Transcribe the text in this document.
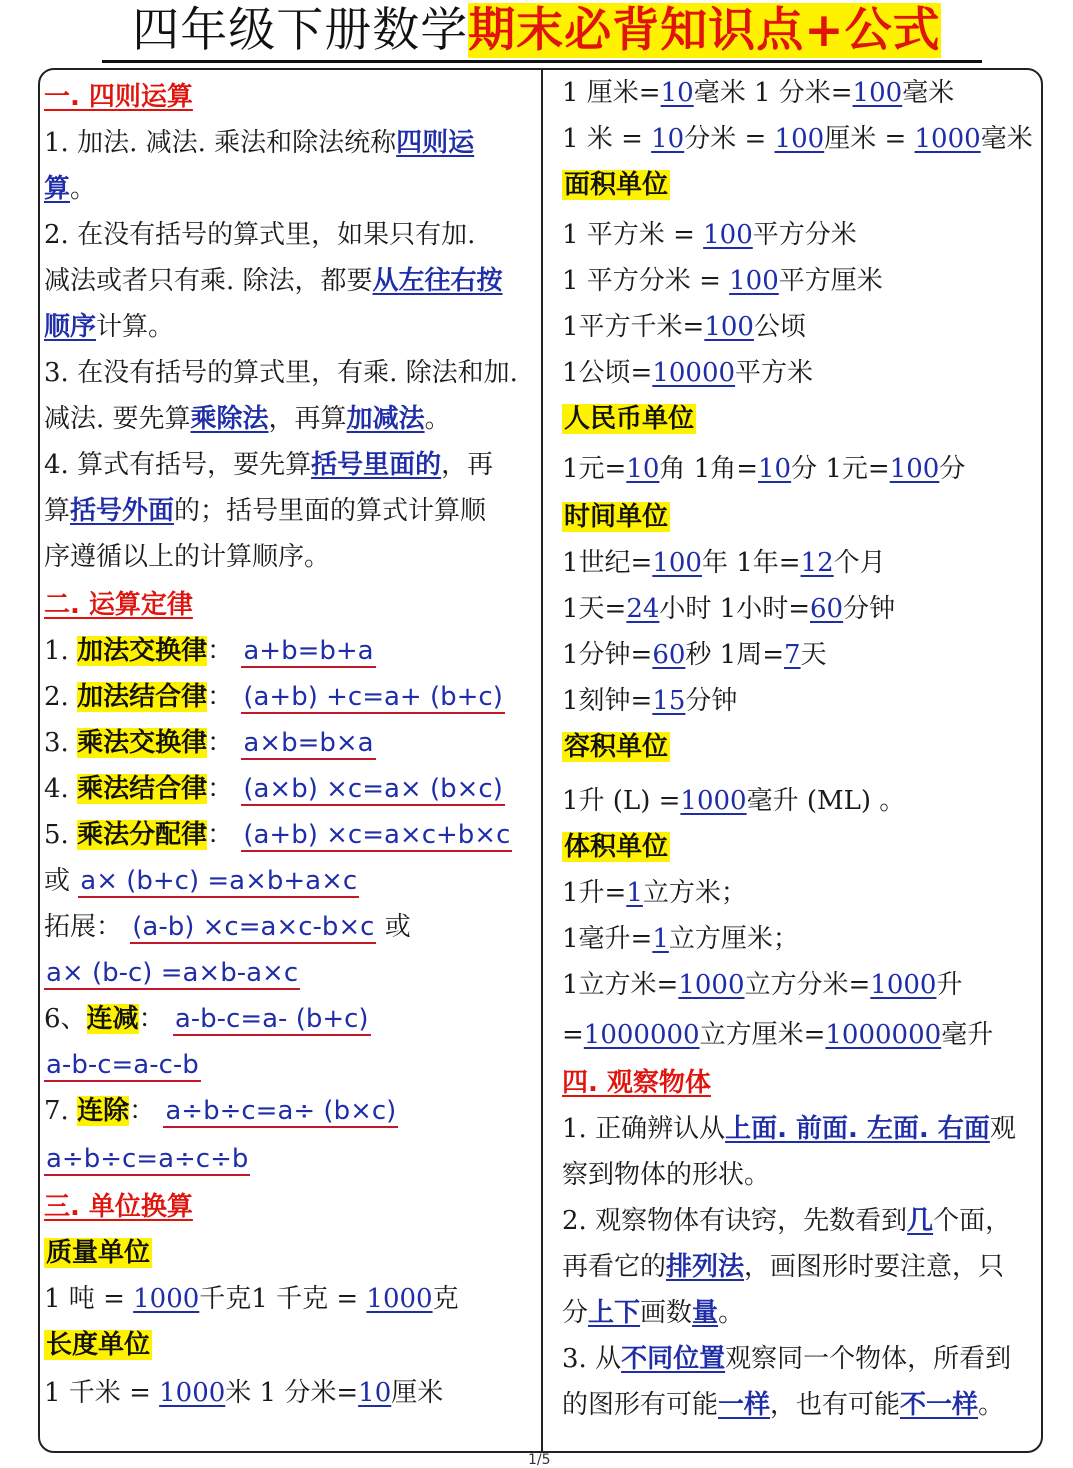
四年级下册数学期末必背知识点+公式
一. 四则运算
1. 加法. 减法. 乘法和除法统称四则运
算。
2. 在没有括号的算式里，如果只有加.
减法或者只有乘. 除法，都要从左往右按
顺序计算。
3. 在没有括号的算式里，有乘. 除法和加.
减法. 要先算乘除法，再算加减法。
4. 算式有括号，要先算括号里面的，再
算括号外面的；括号里面的算式计算顺
序遵循以上的计算顺序。
二. 运算定律
1. 加法交换律： a+b=b+a
2. 加法结合律： (a+b) +c=a+ (b+c)
3. 乘法交换律： a×b=b×a
4. 乘法结合律： (a×b) ×c=a× (b×c)
5. 乘法分配律： (a+b) ×c=a×c+b×c
或 a× (b+c) =a×b+a×c
拓展： (a-b) ×c=a×c-b×c 或
a× (b-c) =a×b-a×c
6、连减： a-b-c=a- (b+c)
a-b-c=a-c-b
7. 连除： a÷b÷c=a÷ (b×c)
a÷b÷c=a÷c÷b
三. 单位换算
质量单位
1 吨 = 1000千克1 千克 = 1000克
长度单位
1 千米 = 1000米 1 分米=10厘米
1 厘米=10毫米 1 分米=100毫米
1 米 = 10分米 = 100厘米 = 1000毫米
面积单位
1 平方米 = 100平方分米
1 平方分米 = 100平方厘米
1平方千米=100公顷
1公顷=10000平方米
人民币单位
1元=10角 1角=10分 1元=100分
时间单位
1世纪=100年 1年=12个月
1天=24小时 1小时=60分钟
1分钟=60秒 1周=7天
1刻钟=15分钟
容积单位
1升 (L) =1000毫升 (ML) 。
体积单位
1升=1立方米；
1毫升=1立方厘米；
1立方米=1000立方分米=1000升
=1000000立方厘米=1000000毫升
四. 观察物体
1. 正确辨认从上面. 前面. 左面. 右面观
察到物体的形状。
2. 观察物体有诀窍，先数看到几个面，
再看它的排列法，画图形时要注意，只
分上下画数量。
3. 从不同位置观察同一个物体，所看到
的图形有可能一样，也有可能不一样。
1/5
